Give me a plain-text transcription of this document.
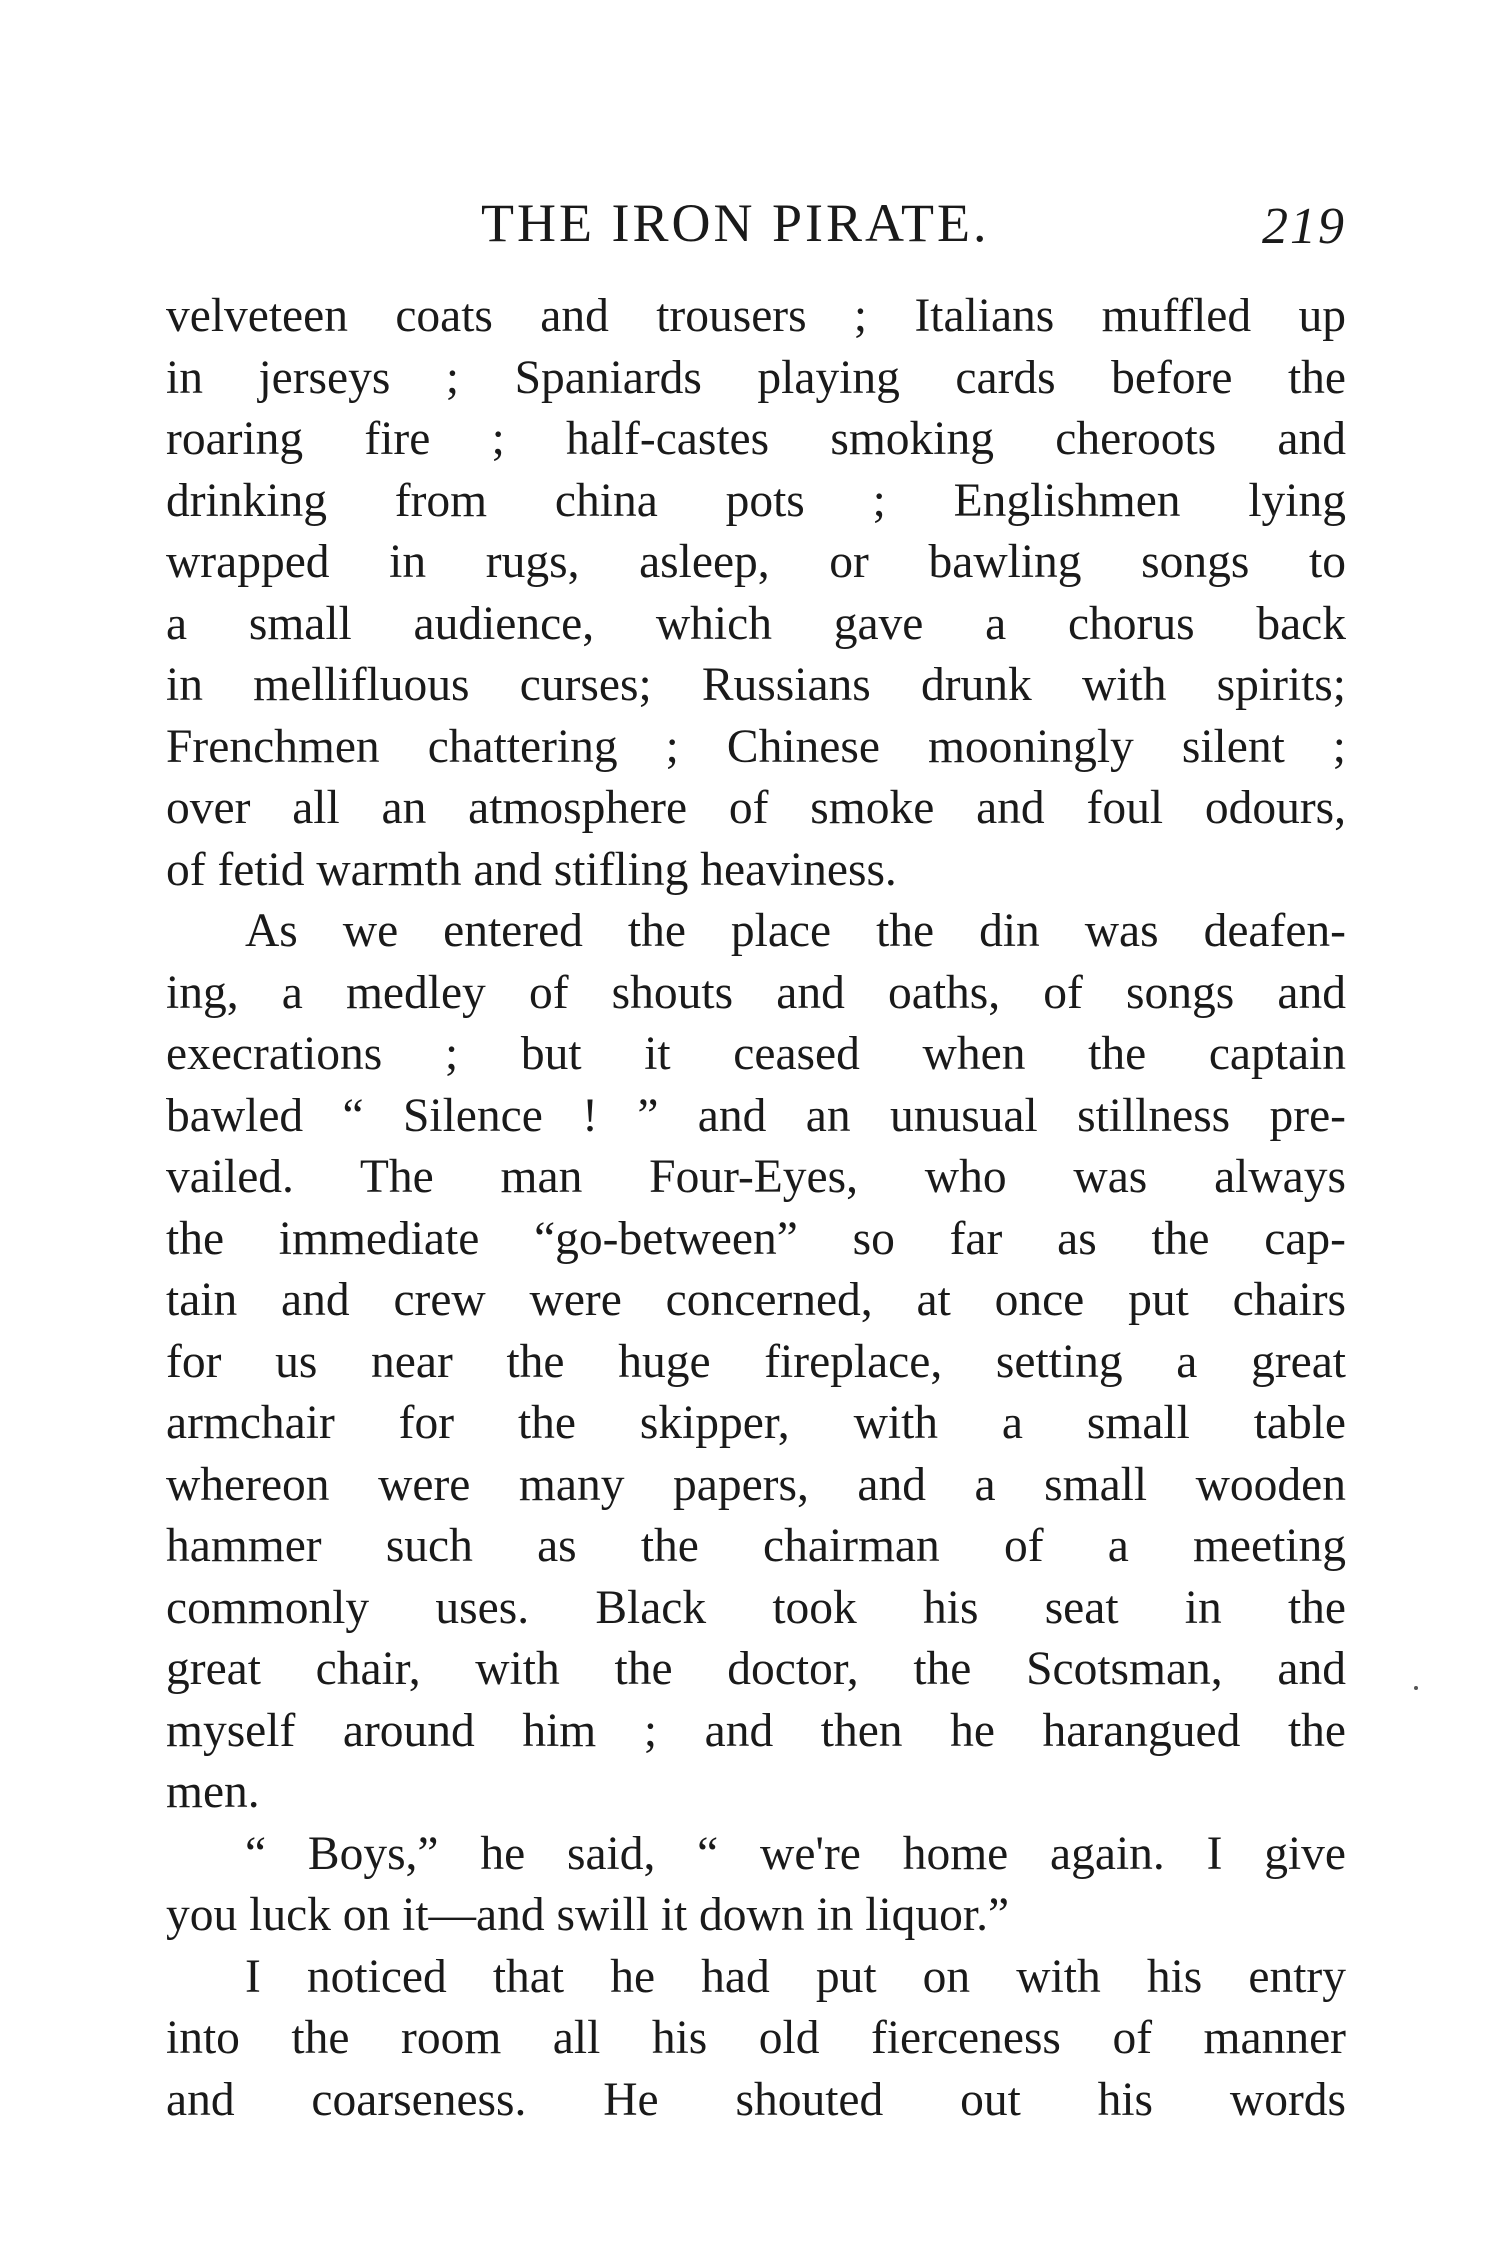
THE IRON PIRATE.	219
velveteen coats and trousers ; Italians muffled up
in jerseys ; Spaniards playing cards before the
roaring fire ; half-castes smoking cheroots and
drinking from china pots ; Englishmen lying
wrapped in rugs, asleep, or bawling songs to
a small audience, which gave a chorus back
in mellifluous curses; Russians drunk with spirits;
Frenchmen chattering ; Chinese mooningly silent ;
over all an atmosphere of smoke and foul odours,
of fetid warmth and stifling heaviness.
As we entered the place the din was deafen-
ing, a medley of shouts and oaths, of songs and
execrations ; but it ceased when the captain
bawled “ Silence ! ” and an unusual stillness pre-
vailed. The man Four-Eyes, who was always
the immediate “go-between” so far as the cap-
tain and crew were concerned, at once put chairs
for us near the huge fireplace, setting a great
armchair for the skipper, with a small table
whereon were many papers, and a small wooden
hammer such as the chairman of a meeting
commonly uses. Black took his seat in the
great chair, with the doctor, the Scotsman, and
myself around him ; and then he harangued the
men.
“ Boys,” he said, “ we're home again. I give
you luck on it—and swill it down in liquor.”
I noticed that he had put on with his entry
into the room all his old fierceness of manner
and coarseness. He shouted out his words
